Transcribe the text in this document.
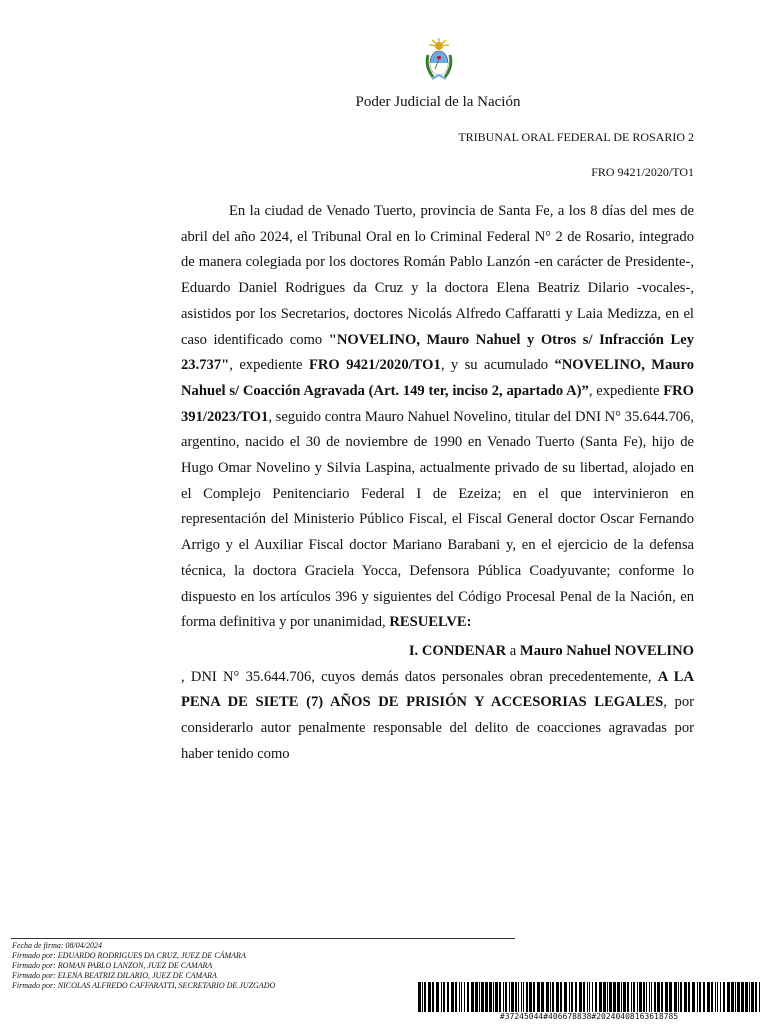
Poder Judicial de la Nación
TRIBUNAL ORAL FEDERAL DE ROSARIO 2
FRO 9421/2020/TO1

En la ciudad de Venado Tuerto, provincia de Santa Fe, a los 8 días del mes de abril del año 2024, el Tribunal Oral en lo Criminal Federal N° 2 de Rosario, integrado de manera colegiada por los doctores Román Pablo Lanzón -en carácter de Presidente-, Eduardo Daniel Rodrigues da Cruz y la doctora Elena Beatriz Dilario -vocales-, asistidos por los Secretarios, doctores Nicolás Alfredo Caffaratti y Laia Medizza, en el caso identificado como "NOVELINO, Mauro Nahuel y Otros s/ Infracción Ley 23.737", expediente FRO 9421/2020/TO1, y su acumulado “NOVELINO, Mauro Nahuel s/ Coacción Agravada (Art. 149 ter, inciso 2, apartado A)”, expediente FRO 391/2023/TO1, seguido contra Mauro Nahuel Novelino, titular del DNI N° 35.644.706, argentino, nacido el 30 de noviembre de 1990 en Venado Tuerto (Santa Fe), hijo de Hugo Omar Novelino y Silvia Laspina, actualmente privado de su libertad, alojado en el Complejo Penitenciario Federal I de Ezeiza; en el que intervinieron en representación del Ministerio Público Fiscal, el Fiscal General doctor Oscar Fernando Arrigo y el Auxiliar Fiscal doctor Mariano Barabani y, en el ejercicio de la defensa técnica, la doctora Graciela Yocca, Defensora Pública Coadyuvante; conforme lo dispuesto en los artículos 396 y siguientes del Código Procesal Penal de la Nación, en forma definitiva y por unanimidad, RESUELVE:

I. CONDENAR a Mauro Nahuel NOVELINO

, DNI N° 35.644.706, cuyos demás datos personales obran precedentemente, A LA PENA DE SIETE (7) AÑOS DE PRISIÓN Y ACCESORIAS LEGALES, por considerarlo autor penalmente responsable del delito de coacciones agravadas por haber tenido como

Fecha de firma: 08/04/2024
Firmado por: EDUARDO RODRIGUES DA CRUZ, JUEZ DE CÁMARA
Firmado por: ROMAN PABLO LANZON, JUEZ DE CAMARA
Firmado por: ELENA BEATRIZ DILARIO, JUEZ DE CAMARA
Firmado por: NICOLAS ALFREDO CAFFARATTI, SECRETARIO DE JUZGADO
#37245044#406678838#20240408163618785
